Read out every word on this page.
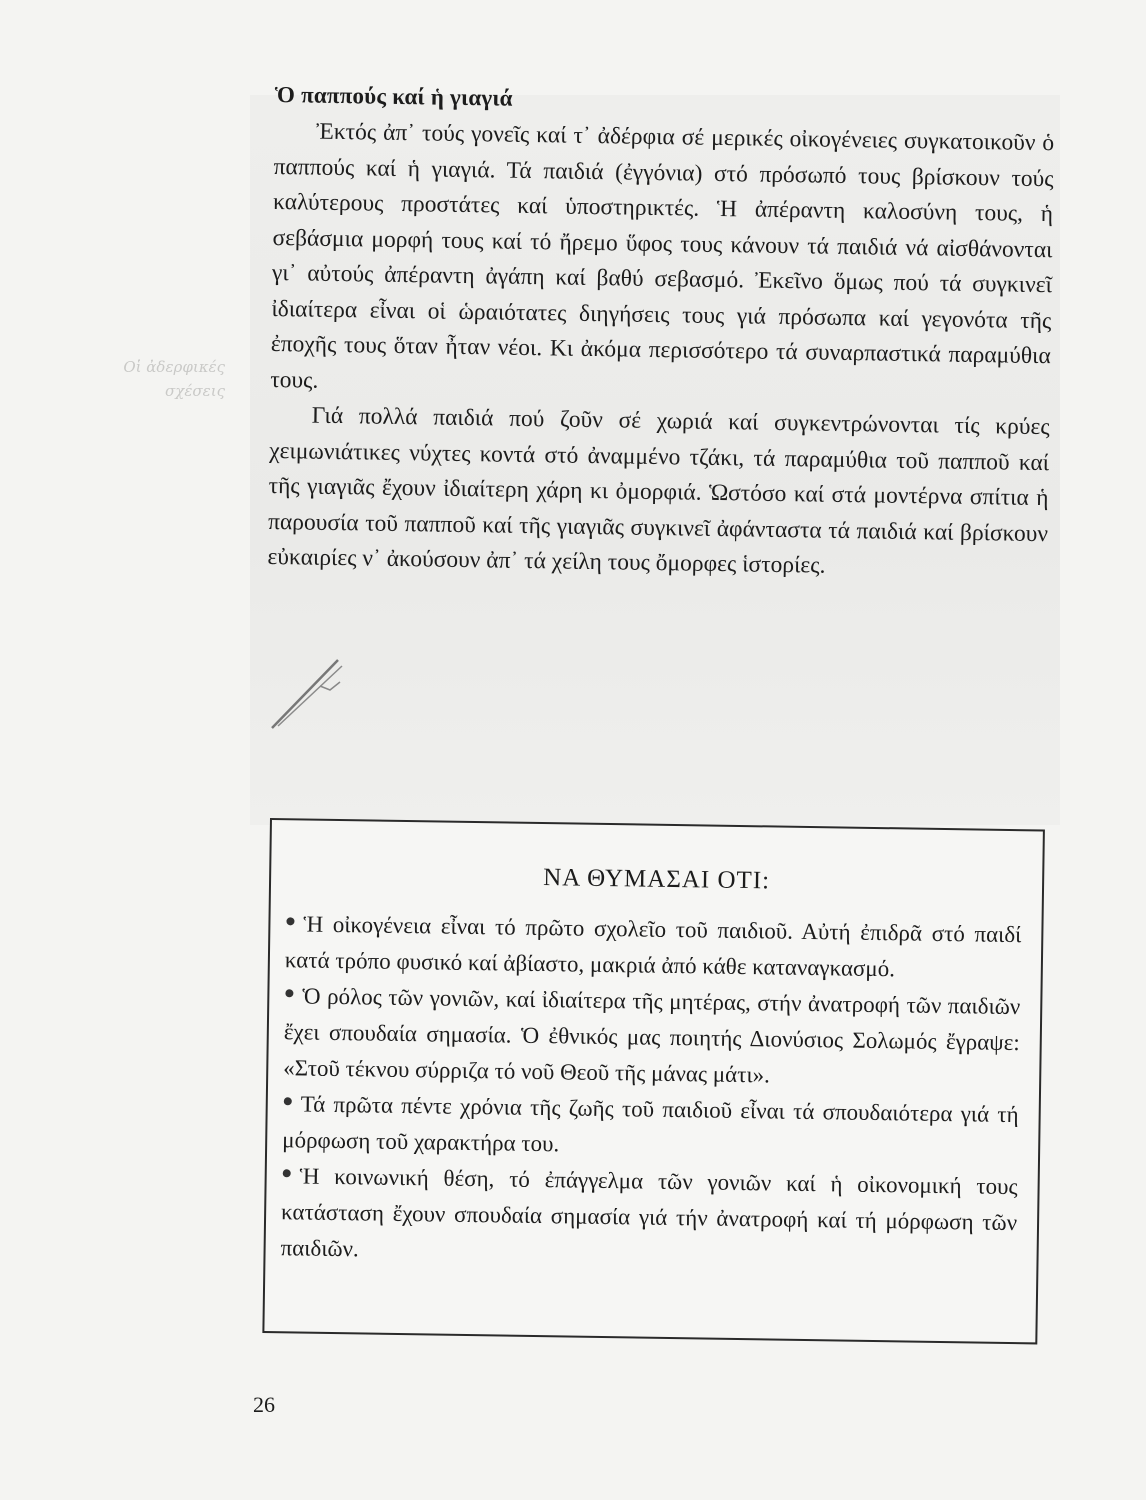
Οἱ ἀδερφικές σχέσεις
Ὁ παππούς καί ἡ γιαγιά

Ἐκτός ἀπ᾿ τούς γονεῖς καί τ᾿ ἀδέρφια σέ μερικές οἰκογένειες συγκατοικοῦν ὁ παππούς καί ἡ γιαγιά. Τά παιδιά (ἐγγόνια) στό πρόσωπό τους βρίσκουν τούς καλύτερους προστάτες καί ὑποστηρικτές. Ἡ ἀπέραντη καλοσύνη τους, ἡ σεβάσμια μορφή τους καί τό ἤρεμο ὕφος τους κάνουν τά παιδιά νά αἰσθάνονται γι᾿ αὐτούς ἀπέραντη ἀγάπη καί βαθύ σεβασμό. Ἐκεῖνο ὅμως πού τά συγκινεῖ ἰδιαίτερα εἶναι οἱ ὡραιότατες διηγήσεις τους γιά πρόσωπα καί γεγονότα τῆς ἐποχῆς τους ὅταν ἦταν νέοι. Κι ἀκόμα περισσότερο τά συναρπαστικά παραμύθια τους.

Γιά πολλά παιδιά πού ζοῦν σέ χωριά καί συγκεντρώνονται τίς κρύες χειμωνιάτικες νύχτες κοντά στό ἀναμμένο τζάκι, τά παραμύθια τοῦ παπποῦ καί τῆς γιαγιᾶς ἔχουν ἰδιαίτερη χάρη κι ὀμορφιά. Ὡστόσο καί στά μοντέρνα σπίτια ἡ παρουσία τοῦ παπποῦ καί τῆς γιαγιᾶς συγκινεῖ ἀφάνταστα τά παιδιά καί βρίσκουν εὐκαιρίες ν᾿ ἀκούσουν ἀπ᾿ τά χείλη τους ὄμορφες ἱστορίες.

ΝΑ ΘΥΜΑΣΑΙ ΟΤΙ:
Ἡ οἰκογένεια εἶναι τό πρῶτο σχολεῖο τοῦ παιδιοῦ. Αὐτή ἐπιδρᾶ στό παιδί κατά τρόπο φυσικό καί ἀβίαστο, μακριά ἀπό κάθε καταναγκασμό.
Ὁ ρόλος τῶν γονιῶν, καί ἰδιαίτερα τῆς μητέρας, στήν ἀνατροφή τῶν παιδιῶν ἔχει σπουδαία σημασία. Ὁ ἐθνικός μας ποιητής Διονύσιος Σολωμός ἔγραψε: «Στοῦ τέκνου σύρριζα τό νοῦ Θεοῦ τῆς μάνας μάτι».
Τά πρῶτα πέντε χρόνια τῆς ζωῆς τοῦ παιδιοῦ εἶναι τά σπουδαιότερα γιά τή μόρφωση τοῦ χαρακτήρα του.
Ἡ κοινωνική θέση, τό ἐπάγγελμα τῶν γονιῶν καί ἡ οἰκονομική τους κατάσταση ἔχουν σπουδαία σημασία γιά τήν ἀνατροφή καί τή μόρφωση τῶν παιδιῶν.
26
